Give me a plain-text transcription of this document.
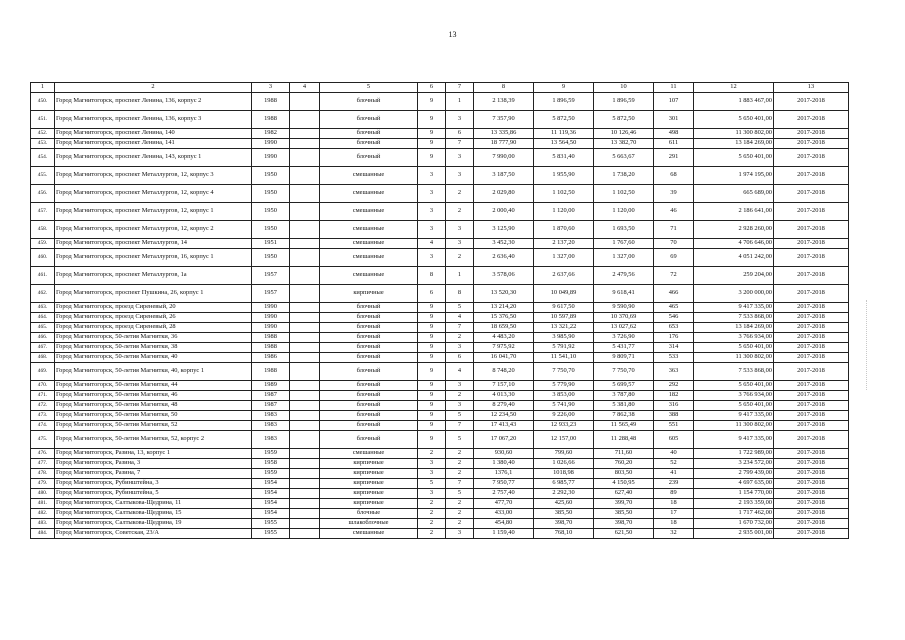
13
1	2	3	4	5	6	7	8	9	10	11	12	13
450.	Город Магнитогорск, проспект Ленина, 136, корпус 2	1988		блочный	9	1	2 138,39	1 896,59	1 896,59	107	1 883 467,00	2017-2018
451.	Город Магнитогорск, проспект Ленина, 136, корпус 3	1988		блочный	9	3	7 357,90	5 872,50	5 872,50	301	5 650 401,00	2017-2018
452.	Город Магнитогорск, проспект Ленина, 140	1982		блочный	9	6	13 335,86	11 119,36	10 126,46	498	11 300 802,00	2017-2018
453.	Город Магнитогорск, проспект Ленина, 141	1990		блочный	9	7	18 777,90	13 564,50	13 382,70	611	13 184 269,00	2017-2018
454.	Город Магнитогорск, проспект Ленина, 143, корпус 1	1990		блочный	9	3	7 990,00	5 831,40	5 663,67	291	5 650 401,00	2017-2018
455.	Город Магнитогорск, проспект Металлургов, 12, корпус 3	1950		смешанные	3	3	3 187,50	1 955,90	1 738,20	68	1 974 195,00	2017-2018
456.	Город Магнитогорск, проспект Металлургов, 12, корпус 4	1950		смешанные	3	2	2 029,80	1 102,50	1 102,50	39	665 689,00	2017-2018
457.	Город Магнитогорск, проспект Металлургов, 12, корпус 1	1950		смешанные	3	2	2 000,40	1 120,00	1 120,00	46	2 186 641,00	2017-2018
458.	Город Магнитогорск, проспект Металлургов, 12, корпус 2	1950		смешанные	3	3	3 125,90	1 870,60	1 693,50	71	2 928 260,00	2017-2018
459.	Город Магнитогорск, проспект Металлургов, 14	1951		смешанные	4	3	3 452,30	2 137,20	1 767,60	70	4 706 646,00	2017-2018
460.	Город Магнитогорск, проспект Металлургов, 16, корпус 1	1950		смешанные	3	2	2 636,40	1 327,00	1 327,00	69	4 051 242,00	2017-2018
461.	Город Магнитогорск, проспект Металлургов, 1а	1957		смешанные	8	1	3 578,06	2 637,66	2 479,56	72	259 204,00	2017-2018
462.	Город Магнитогорск, проспект Пушкина, 26, корпус 1	1957		кирпичные	6	8	13 520,30	10 049,89	9 618,41	466	3 200 000,00	2017-2018
463.	Город Магнитогорск, проезд Сиреневый, 20	1990		блочный	9	5	13 214,20	9 617,50	9 590,90	465	9 417 335,00	2017-2018
464.	Город Магнитогорск, проезд Сиреневый, 26	1990		блочный	9	4	15 376,50	10 597,89	10 370,69	546	7 533 868,00	2017-2018
465.	Город Магнитогорск, проезд Сиреневый, 28	1990		блочный	9	7	18 659,50	13 321,22	13 027,62	653	13 184 269,00	2017-2018
466.	Город Магнитогорск, 50-летия Магнитки, 36	1988		блочный	9	2	4 483,20	3 985,90	3 726,90	176	3 766 934,00	2017-2018
467.	Город Магнитогорск, 50-летия Магнитки, 38	1988		блочный	9	3	7 975,92	5 791,92	5 431,77	314	5 650 401,00	2017-2018
468.	Город Магнитогорск, 50-летия Магнитки, 40	1986		блочный	9	6	16 041,70	11 541,10	9 809,71	533	11 300 802,00	2017-2018
469.	Город Магнитогорск, 50-летия Магнитки, 40, корпус 1	1988		блочный	9	4	8 748,20	7 750,70	7 750,70	363	7 533 868,00	2017-2018
470.	Город Магнитогорск, 50-летия Магнитки, 44	1989		блочный	9	3	7 157,10	5 779,90	5 699,57	292	5 650 401,00	2017-2018
471.	Город Магнитогорск, 50-летия Магнитки, 46	1987		блочный	9	2	4 013,30	3 853,00	3 787,80	182	3 766 934,00	2017-2018
472.	Город Магнитогорск, 50-летия Магнитки, 48	1987		блочный	9	3	8 279,40	5 741,90	5 381,80	316	5 650 401,00	2017-2018
473.	Город Магнитогорск, 50-летия Магнитки, 50	1983		блочный	9	5	12 234,50	9 226,00	7 862,38	388	9 417 335,00	2017-2018
474.	Город Магнитогорск, 50-летия Магнитки, 52	1983		блочный	9	7	17 413,43	12 933,23	11 565,49	551	11 300 802,00	2017-2018
475.	Город Магнитогорск, 50-летия Магнитки, 52, корпус 2	1983		блочный	9	5	17 067,20	12 157,00	11 288,48	605	9 417 335,00	2017-2018
476.	Город Магнитогорск, Разина, 13, корпус 1	1959		смешанные	2	2	930,60	799,60	711,60	40	1 722 989,00	2017-2018
477.	Город Магнитогорск, Разина, 3	1958		кирпичные	3	2	1 380,40	1 026,66	760,20	52	3 234 572,00	2017-2018
478.	Город Магнитогорск, Разина, 7	1959		кирпичные	3	2	1376,1	1018,98	803,50	41	2 799 439,00	2017-2018
479.	Город Магнитогорск, Рубинштейна, 3	1954		кирпичные	5	7	7 950,77	6 985,77	4 150,95	239	4 697 635,00	2017-2018
480.	Город Магнитогорск, Рубинштейна, 5	1954		кирпичные	3	5	2 757,40	2 292,30	627,40	89	1 154 770,00	2017-2018
481.	Город Магнитогорск, Салтыкова-Щедрина, 11	1954		кирпичные	2	2	477,70	425,60	399,70	18	2 193 359,00	2017-2018
482.	Город Магнитогорск, Салтыкова-Щедрина, 15	1954		блочные	2	2	433,00	385,50	385,50	17	1 717 462,00	2017-2018
483.	Город Магнитогорск, Салтыкова-Щедрина, 19	1955		шлакоблочные	2	2	454,80	398,70	398,70	18	1 670 732,00	2017-2018
484.	Город Магнитогорск, Советская, 23/А	1955		смешанные	2	3	1 159,40	768,10	621,50	32	2 935 001,00	2017-2018
